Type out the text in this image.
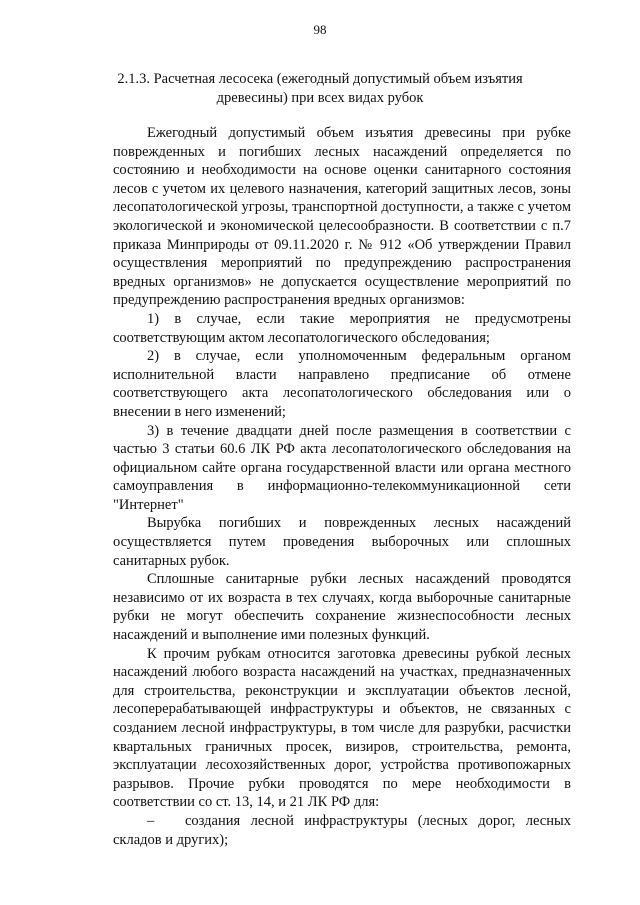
98
2.1.3. Расчетная лесосека (ежегодный допустимый объем изъятия древесины) при всех видах рубок

Ежегодный допустимый объем изъятия древесины при рубке поврежденных и погибших лесных насаждений определяется по состоянию и необходимости на основе оценки санитарного состояния лесов с учетом их целевого назначения, категорий защитных лесов, зоны лесопатологической угрозы, транспортной доступности, а также с учетом экологической и экономической целесообразности. В соответствии с п.7 приказа Минприроды от 09.11.2020 г. № 912 «Об утверждении Правил осуществления мероприятий по предупреждению распространения вредных организмов» не допускается осуществление мероприятий по предупреждению распространения вредных организмов:

1) в случае, если такие мероприятия не предусмотрены соответствующим актом лесопатологического обследования;

2) в случае, если уполномоченным федеральным органом исполнительной власти направлено предписание об отмене соответствующего акта лесопатологического обследования или о внесении в него изменений;

3) в течение двадцати дней после размещения в соответствии с частью 3 статьи 60.6 ЛК РФ акта лесопатологического обследования на официальном сайте органа государственной власти или органа местного самоуправления в информационно-телекоммуникационной сети "Интернет"

Вырубка погибших и поврежденных лесных насаждений осуществляется путем проведения выборочных или сплошных санитарных рубок.

Сплошные санитарные рубки лесных насаждений проводятся независимо от их возраста в тех случаях, когда выборочные санитарные рубки не могут обеспечить сохранение жизнеспособности лесных насаждений и выполнение ими полезных функций.

К прочим рубкам относится заготовка древесины рубкой лесных насаждений любого возраста насаждений на участках, предназначенных для строительства, реконструкции и эксплуатации объектов лесной, лесоперерабатывающей инфраструктуры и объектов, не связанных с созданием лесной инфраструктуры, в том числе для разрубки, расчистки квартальных граничных просек, визиров, строительства, ремонта, эксплуатации лесохозяйственных дорог, устройства противопожарных разрывов. Прочие рубки проводятся по мере необходимости в соответствии со ст. 13, 14, и 21 ЛК РФ для:

– создания лесной инфраструктуры (лесных дорог, лесных складов и других);
